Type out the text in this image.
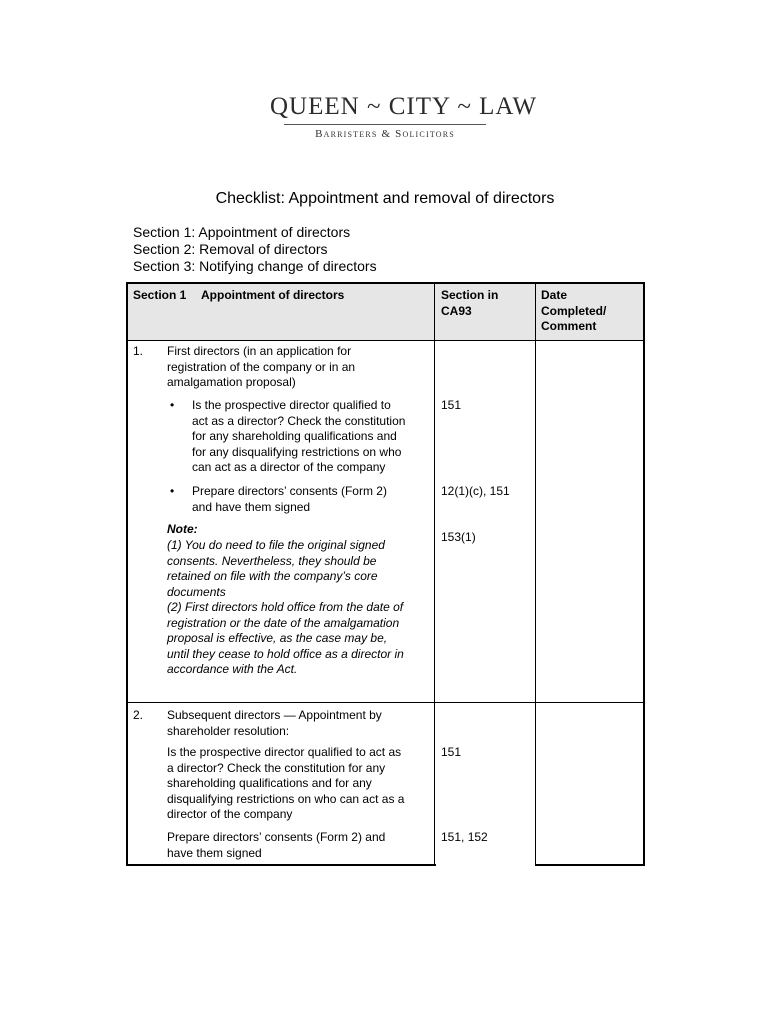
QUEEN ~ CITY ~ LAW
Barristers & Solicitors
Checklist: Appointment and removal of directors
Section 1: Appointment of directors
Section 2: Removal of directors
Section 3: Notifying change of directors
Section 1 Appointment of directors	Section in
CA93
Date
Completed/
Comment
1. First directors (in an application for
registration of the company or in an
amalgamation proposal)
• Is the prospective director qualified to
act as a director? Check the constitution
for any shareholding qualifications and
for any disqualifying restrictions on who
can act as a director of the company
151
• Prepare directors’ consents (Form 2)
and have them signed
12(1)(c), 151
Note:
(1) You do need to file the original signed
consents. Nevertheless, they should be
retained on file with the company’s core
documents
(2) First directors hold office from the date of
registration or the date of the amalgamation
proposal is effective, as the case may be,
until they cease to hold office as a director in
accordance with the Act.
153(1)
2. Subsequent directors — Appointment by
shareholder resolution:
Is the prospective director qualified to act as
a director? Check the constitution for any
shareholding qualifications and for any
disqualifying restrictions on who can act as a
director of the company
151
Prepare directors’ consents (Form 2) and
have them signed
151, 152
